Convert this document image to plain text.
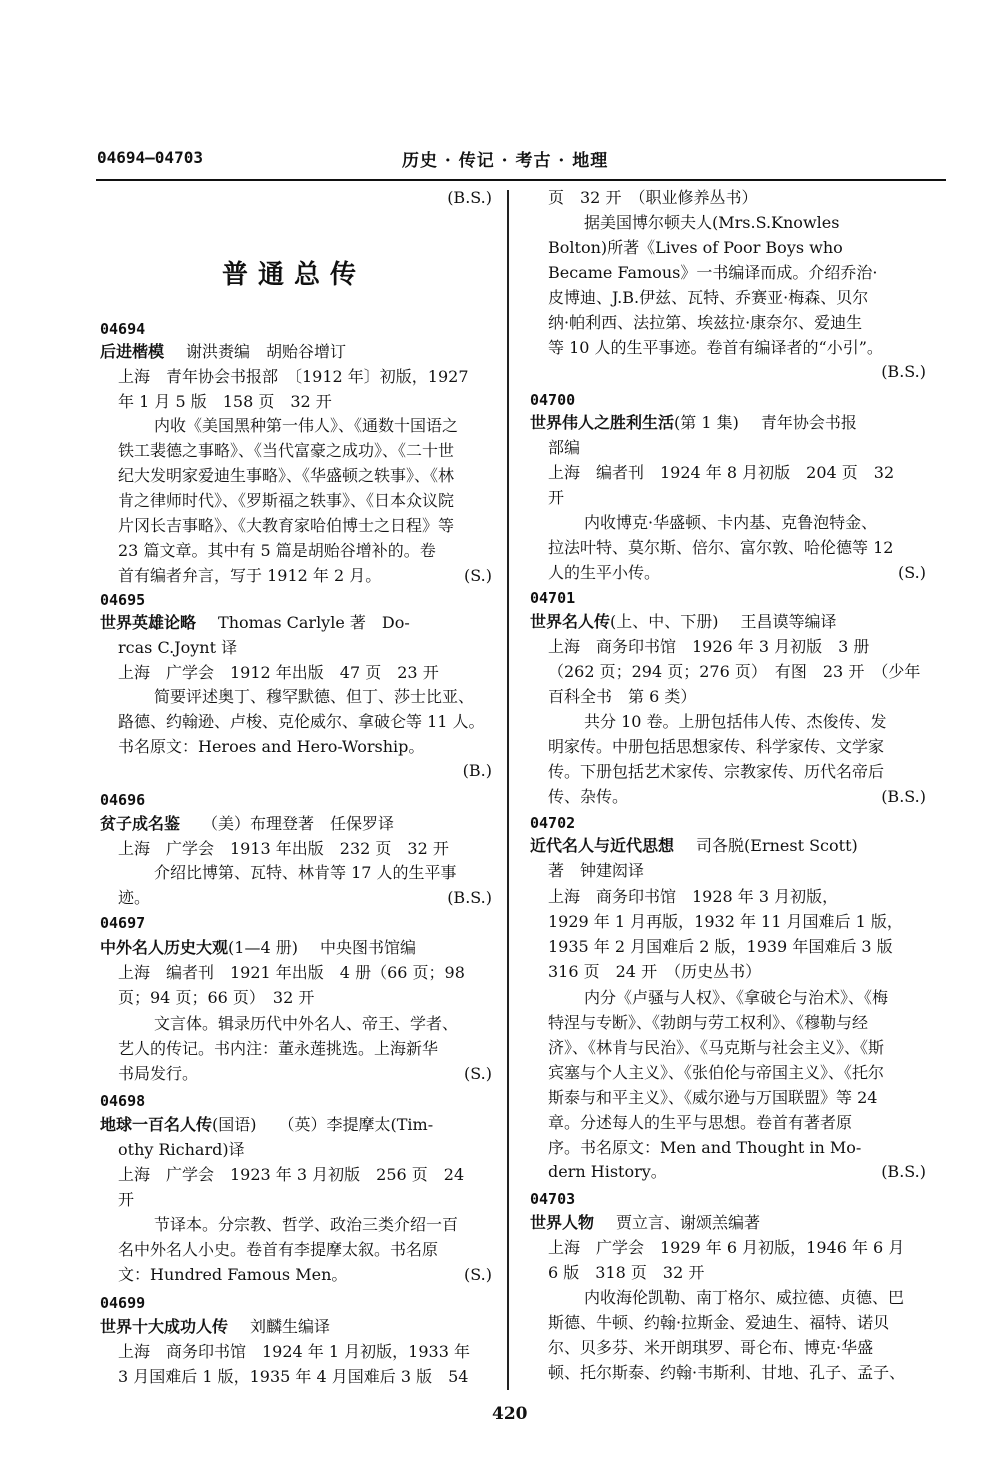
04694—04703	历史 · 传记 · 考古 · 地理
(B.S.)
普通总传
04694
后进楷模 谢洪赉编　胡贻谷增订
上海　青年协会书报部　〔1912 年〕初版，1927
年 1 月 5 版　158 页　32 开
内收《美国黑种第一伟人》、《通数十国语之
铁工裴德之事略》、《当代富豪之成功》、《二十世
纪大发明家爱迪生事略》、《华盛顿之轶事》、《林
肯之律师时代》、《罗斯福之轶事》、《日本众议院
片冈长吉事略》、《大教育家哈伯博士之日程》等
23 篇文章。其中有 5 篇是胡贻谷增补的。卷
首有编者弁言，写于 1912 年 2 月。	(S.)
04695
世界英雄论略 Thomas Carlyle 著　Do-
rcas C.Joynt 译
上海　广学会　1912 年出版　47 页　23 开
简要评述奥丁、穆罕默德、但丁、莎士比亚、
路德、约翰逊、卢梭、克伦威尔、拿破仑等 11 人。
书名原文：Heroes and Hero-Worship。
(B.)
04696
贫子成名鉴 （美）布理登著　任保罗译
上海　广学会　1913 年出版　232 页　32 开
介绍比博第、瓦特、林肯等 17 人的生平事
迹。	(B.S.)
04697
中外名人历史大观(1—4 册) 中央图书馆编
上海　编者刊　1921 年出版　4 册（66 页；98
页；94 页；66 页）　32 开
文言体。辑录历代中外名人、帝王、学者、
艺人的传记。书内注：董永莲挑选。上海新华
书局发行。	(S.)
04698
地球一百名人传(国语) （英）李提摩太(Tim-
othy Richard)译
上海　广学会　1923 年 3 月初版　256 页　24
开
节译本。分宗教、哲学、政治三类介绍一百
名中外名人小史。卷首有李提摩太叙。书名原
文：Hundred Famous Men。	(S.)
04699
世界十大成功人传 刘麟生编译
上海　商务印书馆　1924 年 1 月初版，1933 年
3 月国难后 1 版，1935 年 4 月国难后 3 版　54
页　32 开　（职业修养丛书）
据美国博尔顿夫人(Mrs.S.Knowles
Bolton)所著《Lives of Poor Boys who
Became Famous》一书编译而成。介绍乔治·
皮博迪、J.B.伊兹、瓦特、乔赛亚·梅森、贝尔
纳·帕利西、法拉第、埃兹拉·康奈尔、爱迪生
等 10 人的生平事迹。卷首有编译者的“小引”。
(B.S.)
04700
世界伟人之胜利生活(第 1 集) 青年协会书报
部编
上海　编者刊　1924 年 8 月初版　204 页　32
开
内收博克·华盛顿、卡内基、克鲁泡特金、
拉法叶特、莫尔斯、倍尔、富尔敦、哈伦德等 12
人的生平小传。	(S.)
04701
世界名人传(上、中、下册) 王昌谟等编译
上海　商务印书馆　1926 年 3 月初版　3 册
（262 页；294 页；276 页）　有图　23 开　（少年
百科全书　第 6 类）
共分 10 卷。上册包括伟人传、杰俊传、发
明家传。中册包括思想家传、科学家传、文学家
传。下册包括艺术家传、宗教家传、历代名帝后
传、杂传。	(B.S.)
04702
近代名人与近代思想 司各脱(Ernest Scott)
著　钟建闳译
上海　商务印书馆　1928 年 3 月初版，
1929 年 1 月再版，1932 年 11 月国难后 1 版，
1935 年 2 月国难后 2 版，1939 年国难后 3 版
316 页　24 开　（历史丛书）
内分《卢骚与人权》、《拿破仑与治术》、《梅
特涅与专断》、《勃朗与劳工权利》、《穆勒与经
济》、《林肯与民治》、《马克斯与社会主义》、《斯
宾塞与个人主义》、《张伯伦与帝国主义》、《托尔
斯泰与和平主义》、《威尔逊与万国联盟》等 24
章。分述每人的生平与思想。卷首有著者原
序。书名原文：Men and Thought in Mo-
dern History。	(B.S.)
04703
世界人物 贾立言、谢颂羔编著
上海　广学会　1929 年 6 月初版，1946 年 6 月
6 版　318 页　32 开
内收海伦凯勒、南丁格尔、威拉德、贞德、巴
斯德、牛顿、约翰·拉斯金、爱迪生、福特、诺贝
尔、贝多芬、米开朗琪罗、哥仑布、博克·华盛
顿、托尔斯泰、约翰·韦斯利、甘地、孔子、孟子、
420
